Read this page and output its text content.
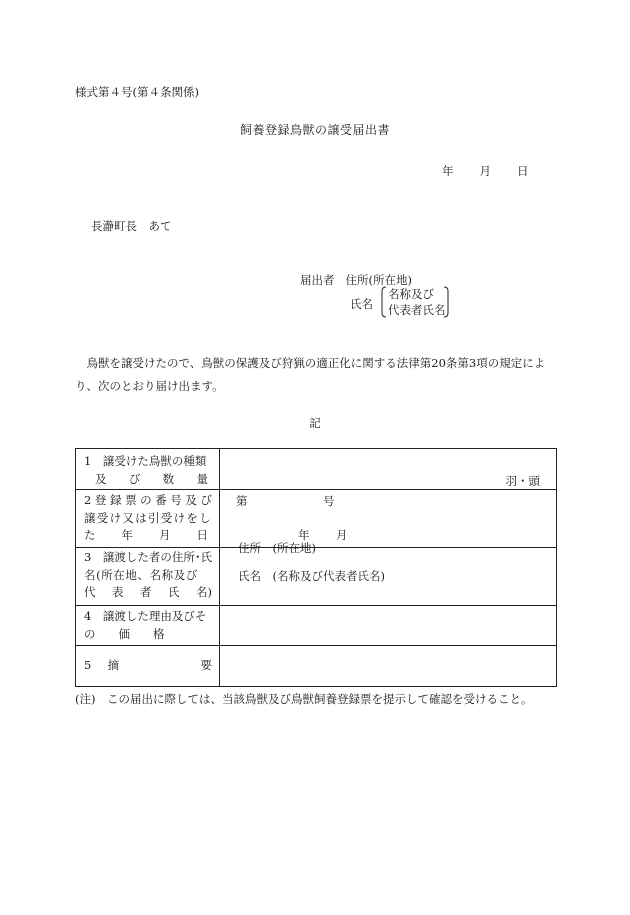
様式第４号(第４条関係)
飼養登録鳥獣の譲受届出書
年 月 日
長瀞町長　あて
届出者 住所(所在地)
氏名
名称及び
代表者氏名
鳥獣を譲受けたので、鳥獣の保護及び狩猟の適正化に関する法律第20条第3項の規定により、次のとおり届け出ます。
記
1　譲受けた鳥獣の種類
及 び 数 量	羽・頭
2 登 録 票 の 番 号 及 び
譲受け又は引受けをし
た 年 月 日
第	号
年 月
3　譲渡した者の住所･氏
名(所在地、名称及び
代 表 者 氏 名)
住所　(所在地)
氏名　(名称及び代表者氏名)
4　譲渡した理由及びそ
の　　価　　格
5 摘	要
(注)　この届出に際しては、当該鳥獣及び鳥獣飼養登録票を提示して確認を受けること。
